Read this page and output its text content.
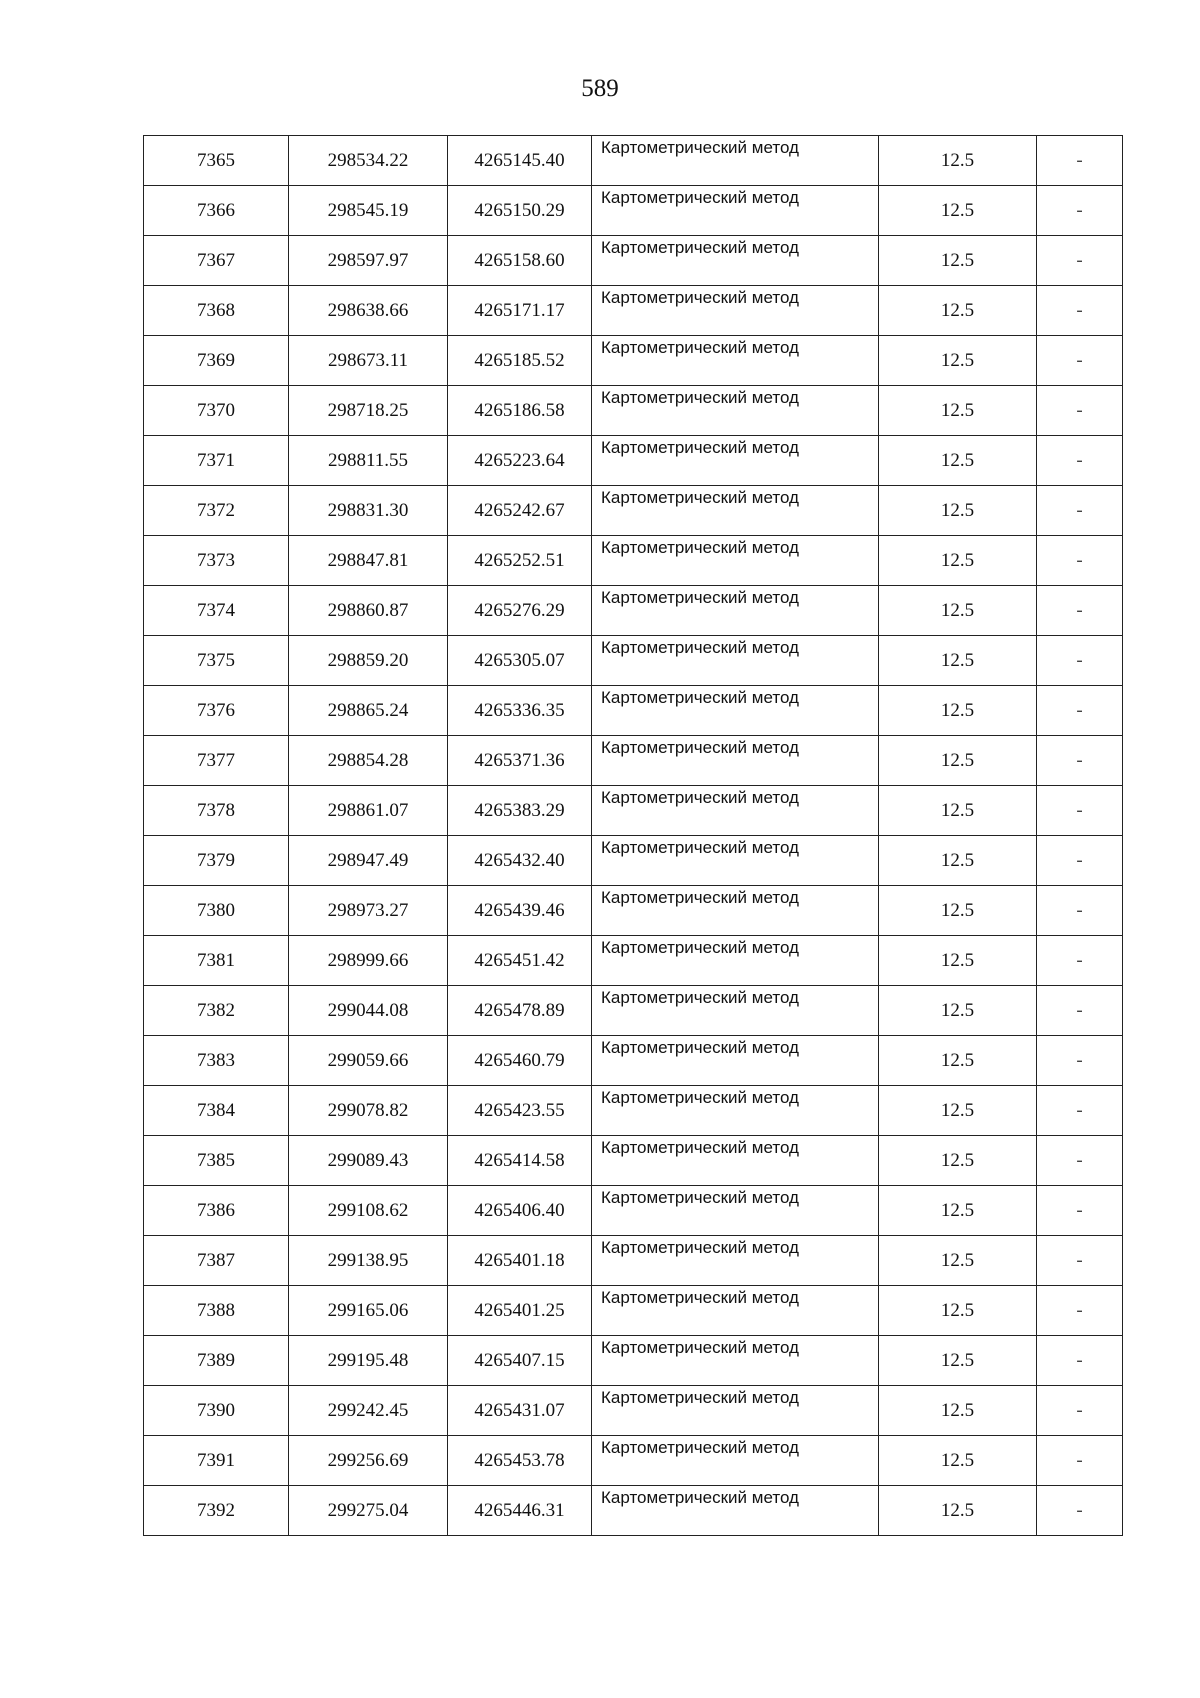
589
7365	298534.22	4265145.40	Картометрический метод	12.5	-
7366	298545.19	4265150.29	Картометрический метод	12.5	-
7367	298597.97	4265158.60	Картометрический метод	12.5	-
7368	298638.66	4265171.17	Картометрический метод	12.5	-
7369	298673.11	4265185.52	Картометрический метод	12.5	-
7370	298718.25	4265186.58	Картометрический метод	12.5	-
7371	298811.55	4265223.64	Картометрический метод	12.5	-
7372	298831.30	4265242.67	Картометрический метод	12.5	-
7373	298847.81	4265252.51	Картометрический метод	12.5	-
7374	298860.87	4265276.29	Картометрический метод	12.5	-
7375	298859.20	4265305.07	Картометрический метод	12.5	-
7376	298865.24	4265336.35	Картометрический метод	12.5	-
7377	298854.28	4265371.36	Картометрический метод	12.5	-
7378	298861.07	4265383.29	Картометрический метод	12.5	-
7379	298947.49	4265432.40	Картометрический метод	12.5	-
7380	298973.27	4265439.46	Картометрический метод	12.5	-
7381	298999.66	4265451.42	Картометрический метод	12.5	-
7382	299044.08	4265478.89	Картометрический метод	12.5	-
7383	299059.66	4265460.79	Картометрический метод	12.5	-
7384	299078.82	4265423.55	Картометрический метод	12.5	-
7385	299089.43	4265414.58	Картометрический метод	12.5	-
7386	299108.62	4265406.40	Картометрический метод	12.5	-
7387	299138.95	4265401.18	Картометрический метод	12.5	-
7388	299165.06	4265401.25	Картометрический метод	12.5	-
7389	299195.48	4265407.15	Картометрический метод	12.5	-
7390	299242.45	4265431.07	Картометрический метод	12.5	-
7391	299256.69	4265453.78	Картометрический метод	12.5	-
7392	299275.04	4265446.31	Картометрический метод	12.5	-
